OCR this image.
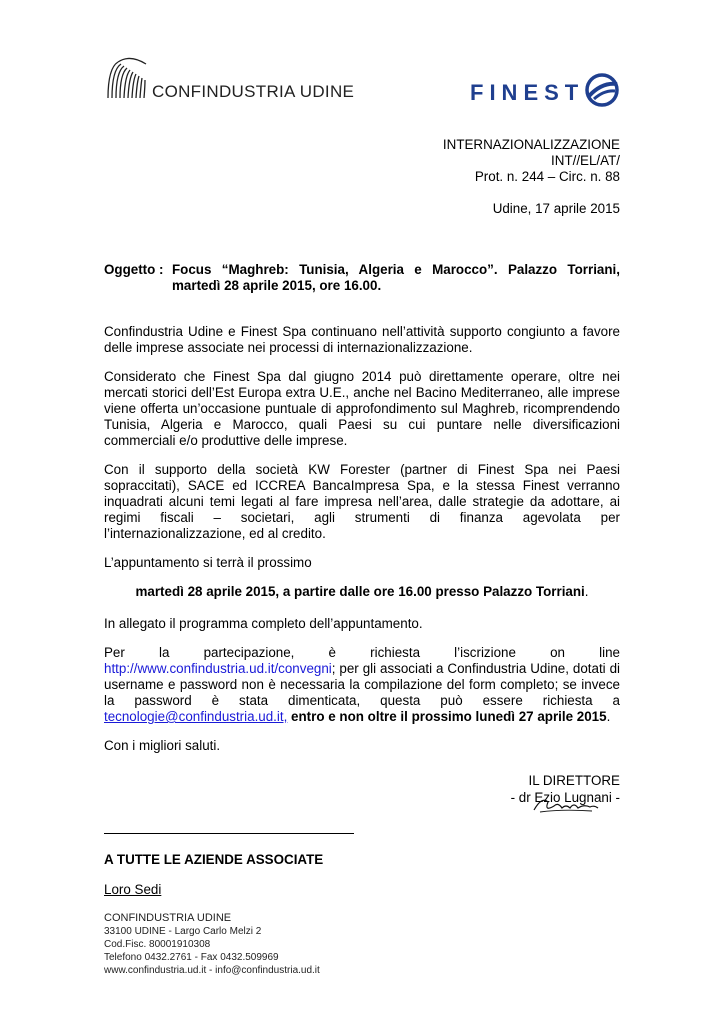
CONFINDUSTRIA UDINE	FINEST
INTERNAZIONALIZZAZIONE
INT//EL/AT/
Prot. n. 244 – Circ. n. 88
Udine, 17 aprile 2015
Oggetto : Focus “Maghreb: Tunisia, Algeria e Marocco”. Palazzo Torriani, martedì 28 aprile 2015, ore 16.00.

Confindustria Udine e Finest Spa continuano nell’attività supporto congiunto a favore delle imprese associate nei processi di internazionalizzazione.

Considerato che Finest Spa dal giugno 2014 può direttamente operare, oltre nei mercati storici dell’Est Europa extra U.E., anche nel Bacino Mediterraneo, alle imprese viene offerta un’occasione puntuale di approfondimento sul Maghreb, ricomprendendo Tunisia, Algeria e Marocco, quali Paesi su cui puntare nelle diversificazioni commerciali e/o produttive delle imprese.

Con il supporto della società KW Forester (partner di Finest Spa nei Paesi sopraccitati), SACE ed ICCREA BancaImpresa Spa, e la stessa Finest verranno inquadrati alcuni temi legati al fare impresa nell’area, dalle strategie da adottare, ai regimi fiscali – societari, agli strumenti di finanza agevolata per l’internazionalizzazione, ed al credito.

L’appuntamento si terrà il prossimo

martedì 28 aprile 2015, a partire dalle ore 16.00 presso Palazzo Torriani.

In allegato il programma completo dell’appuntamento.

Per la partecipazione, è richiesta l’iscrizione on line

http://www.confindustria.ud.it/convegni; per gli associati a Confindustria Udine, dotati di username e password non è necessaria la compilazione del form completo; se invece la password è stata dimenticata, questa può essere richiesta a tecnologie@confindustria.ud.it, entro e non oltre il prossimo lunedì 27 aprile 2015.

Con i migliori saluti.

IL DIRETTORE
- dr Ezio Lugnani -
A TUTTE LE AZIENDE ASSOCIATE
Loro Sedi
CONFINDUSTRIA UDINE
33100 UDINE - Largo Carlo Melzi 2
Cod.Fisc. 80001910308
Telefono 0432.2761 - Fax 0432.509969
www.confindustria.ud.it - info@confindustria.ud.it
